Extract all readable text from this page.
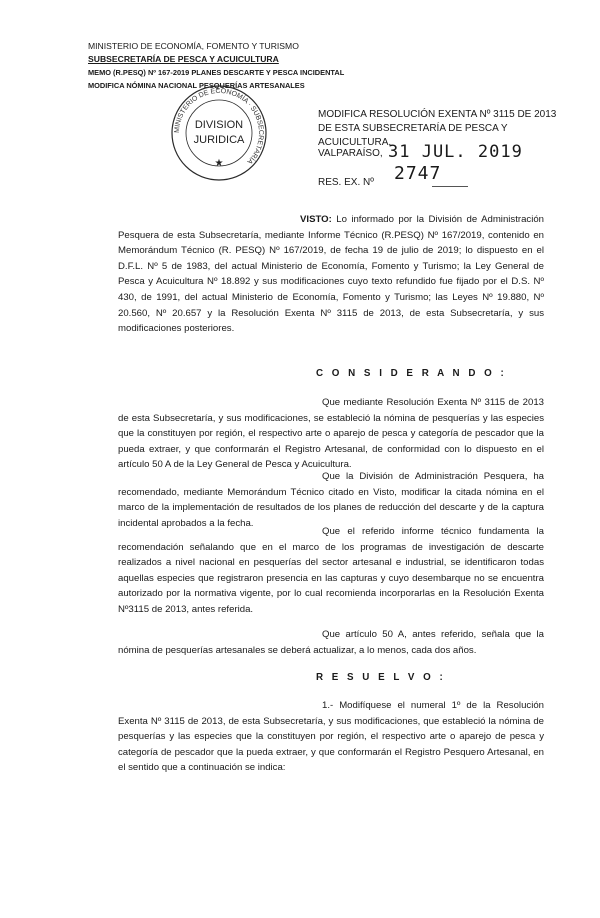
MINISTERIO DE ECONOMÍA, FOMENTO Y TURISMO
SUBSECRETARÍA DE PESCA Y ACUICULTURA
MEMO (R.PESQ) Nº 167-2019 PLANES DESCARTE Y PESCA INCIDENTAL
MODIFICA NÓMINA NACIONAL PESQUERÍAS ARTESANALES
MINISTERIO DE ECONOMÍA · SUBSECRETARÍA
DIVISION
JURIDICA
★
MODIFICA RESOLUCIÓN EXENTA Nº 3115 DE 2013 DE ESTA SUBSECRETARÍA DE PESCA Y ACUICULTURA.
VALPARAÍSO, 31 JUL. 2019
RES. EX. Nº 2747
VISTO: Lo informado por la División de Administración Pesquera de esta Subsecretaría, mediante Informe Técnico (R.PESQ) Nº 167/2019, contenido en Memorándum Técnico (R. PESQ) Nº 167/2019, de fecha 19 de julio de 2019; lo dispuesto en el D.F.L. Nº 5 de 1983, del actual Ministerio de Economía, Fomento y Turismo; la Ley General de Pesca y Acuicultura Nº 18.892 y sus modificaciones cuyo texto refundido fue fijado por el D.S. Nº 430, de 1991, del actual Ministerio de Economía, Fomento y Turismo; las Leyes Nº 19.880, Nº 20.560, Nº 20.657 y la Resolución Exenta Nº 3115 de 2013, de esta Subsecretaría, y sus modificaciones posteriores.
C O N S I D E R A N D O :
Que mediante Resolución Exenta Nº 3115 de 2013 de esta Subsecretaría, y sus modificaciones, se estableció la nómina de pesquerías y las especies que la constituyen por región, el respectivo arte o aparejo de pesca y categoría de pescador que la pueda extraer, y que conformarán el Registro Artesanal, de conformidad con lo dispuesto en el artículo 50 A de la Ley General de Pesca y Acuicultura.
Que la División de Administración Pesquera, ha recomendado, mediante Memorándum Técnico citado en Visto, modificar la citada nómina en el marco de la implementación de resultados de los planes de reducción del descarte y de la captura incidental aprobados a la fecha.
Que el referido informe técnico fundamenta la recomendación señalando que en el marco de los programas de investigación de descarte realizados a nivel nacional en pesquerías del sector artesanal e industrial, se identificaron todas aquellas especies que registraron presencia en las capturas y cuyo desembarque no se encuentra autorizado por la normativa vigente, por lo cual recomienda incorporarlas en la Resolución Exenta Nº3115 de 2013, antes referida.
Que artículo 50 A, antes referido, señala que la nómina de pesquerías artesanales se deberá actualizar, a lo menos, cada dos años.
R E S U E L V O :
1.- Modifíquese el numeral 1º de la Resolución Exenta Nº 3115 de 2013, de esta Subsecretaría, y sus modificaciones, que estableció la nómina de pesquerías y las especies que la constituyen por región, el respectivo arte o aparejo de pesca y categoría de pescador que la pueda extraer, y que conformarán el Registro Pesquero Artesanal, en el sentido que a continuación se indica:
